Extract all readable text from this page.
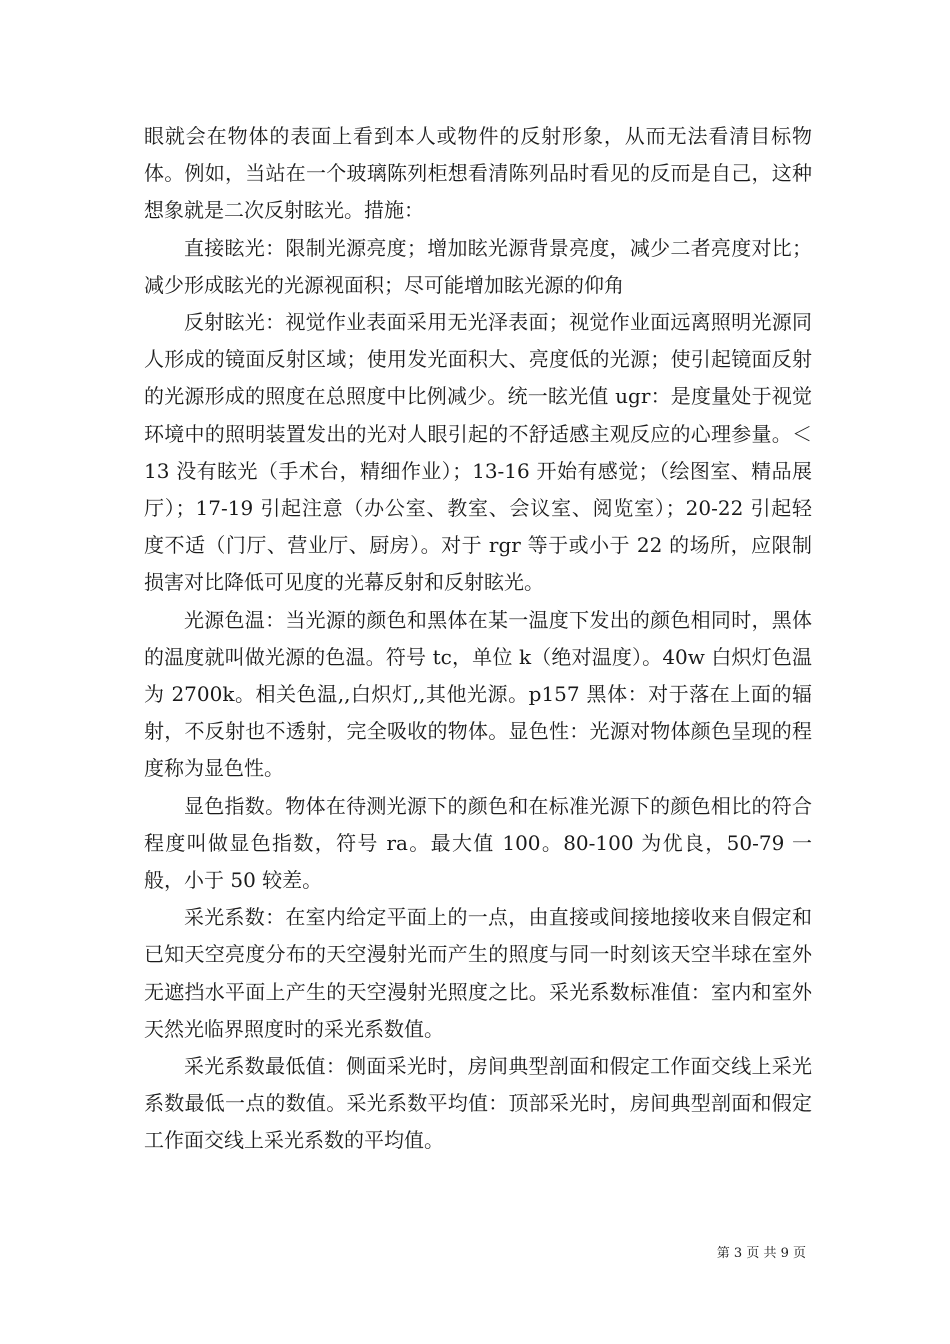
眼就会在物体的表面上看到本人或物件的反射形象，从而无法看清目标物体。例如，当站在一个玻璃陈列柜想看清陈列品时看见的反而是自己，这种想象就是二次反射眩光。措施：

直接眩光：限制光源亮度；增加眩光源背景亮度，减少二者亮度对比；减少形成眩光的光源视面积；尽可能增加眩光源的仰角

反射眩光：视觉作业表面采用无光泽表面；视觉作业面远离照明光源同人形成的镜面反射区域；使用发光面积大、亮度低的光源；使引起镜面反射的光源形成的照度在总照度中比例减少。统一眩光值 ugr：是度量处于视觉环境中的照明装置发出的光对人眼引起的不舒适感主观反应的心理参量。＜13 没有眩光（手术台，精细作业）；13-16 开始有感觉；（绘图室、精品展厅）；17-19 引起注意（办公室、教室、会议室、阅览室）；20-22 引起轻度不适（门厅、营业厅、厨房）。对于 rgr 等于或小于 22 的场所，应限制损害对比降低可见度的光幕反射和反射眩光。

光源色温：当光源的颜色和黑体在某一温度下发出的颜色相同时，黑体的温度就叫做光源的色温。符号 tc，单位 k（绝对温度）。40w 白炽灯色温为 2700k。相关色温,,白炽灯,,其他光源。p157 黑体：对于落在上面的辐射，不反射也不透射，完全吸收的物体。显色性：光源对物体颜色呈现的程度称为显色性。

显色指数。物体在待测光源下的颜色和在标准光源下的颜色相比的符合程度叫做显色指数，符号 ra。最大值 100。80-100 为优良，50-79 一般，小于 50 较差。

采光系数：在室内给定平面上的一点，由直接或间接地接收来自假定和已知天空亮度分布的天空漫射光而产生的照度与同一时刻该天空半球在室外无遮挡水平面上产生的天空漫射光照度之比。采光系数标准值：室内和室外天然光临界照度时的采光系数值。

采光系数最低值：侧面采光时，房间典型剖面和假定工作面交线上采光系数最低一点的数值。采光系数平均值：顶部采光时，房间典型剖面和假定工作面交线上采光系数的平均值。

第 3 页 共 9 页
